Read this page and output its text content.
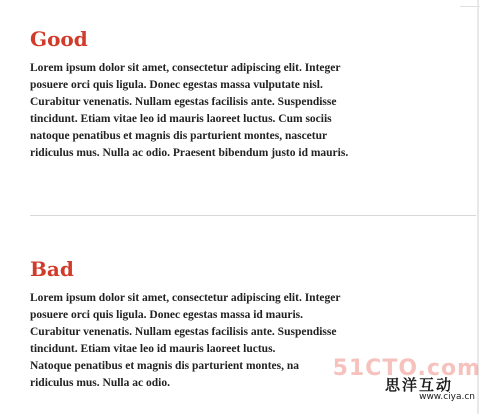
Good

Lorem ipsum dolor sit amet, consectetur adipiscing elit. Integer
posuere orci quis ligula. Donec egestas massa vulputate nisl.
Curabitur venenatis. Nullam egestas facilisis ante. Suspendisse
tincidunt. Etiam vitae leo id mauris laoreet luctus. Cum sociis
natoque penatibus et magnis dis parturient montes, nascetur
ridiculus mus. Nulla ac odio. Praesent bibendum justo id mauris.

Bad

Lorem ipsum dolor sit amet, consectetur adipiscing elit. Integer
posuere orci quis ligula. Donec egestas massa id mauris.
Curabitur venenatis. Nullam egestas facilisis ante. Suspendisse
tincidunt. Etiam vitae leo id mauris laoreet luctus.
Natoque penatibus et magnis dis parturient montes, na
ridiculus mus. Nulla ac odio.

51CTO.com
思洋互动
www.ciya.cn
